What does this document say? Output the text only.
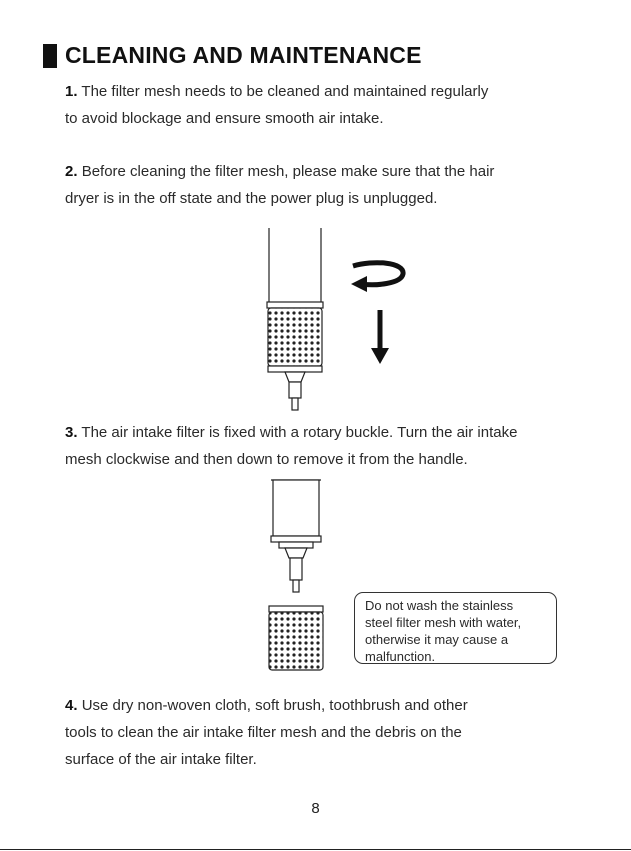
CLEANING AND MAINTENANCE
1. The filter mesh needs to be cleaned and maintained regularly
to avoid blockage and ensure smooth air intake.
2. Before cleaning the filter mesh, please make sure that the hair
dryer is in the off state and the power plug is unplugged.
3. The air intake filter is fixed with a rotary buckle. Turn the air intake
mesh clockwise and then down to remove it from the handle.
Do not wash the stainless
steel filter mesh with water,
otherwise it may cause a
malfunction.
4. Use dry non-woven cloth, soft brush, toothbrush and other
tools to clean the air intake filter mesh and the debris on the
surface of the air intake filter.
8
